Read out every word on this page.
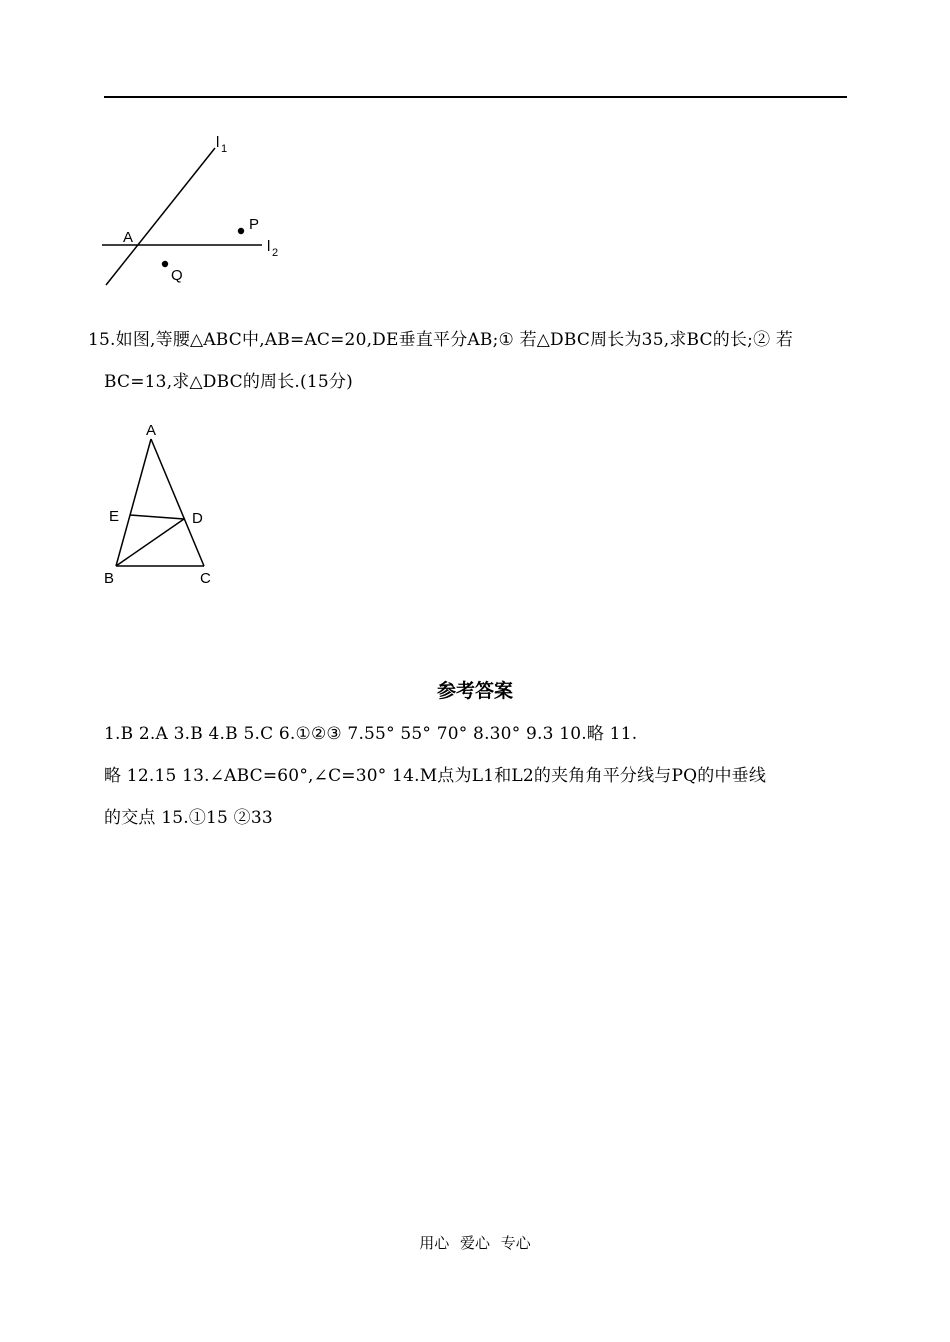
l 1
l 2
A
P
Q
15.如图,等腰△ABC中,AB=AC=20,DE垂直平分AB;① 若△DBC周长为35,求BC的长;② 若
BC=13,求△DBC的周长.(15分)
A
E	D
B	C
参考答案
1.B 2.A 3.B 4.B 5.C 6.①②③ 7.55° 55° 70° 8.30° 9.3 10.略 11.
略 12.15 13.∠ABC=60°,∠C=30° 14.M点为L1和L2的夹角角平分线与PQ的中垂线
的交点 15.①15 ②33
用心 爱心 专心
